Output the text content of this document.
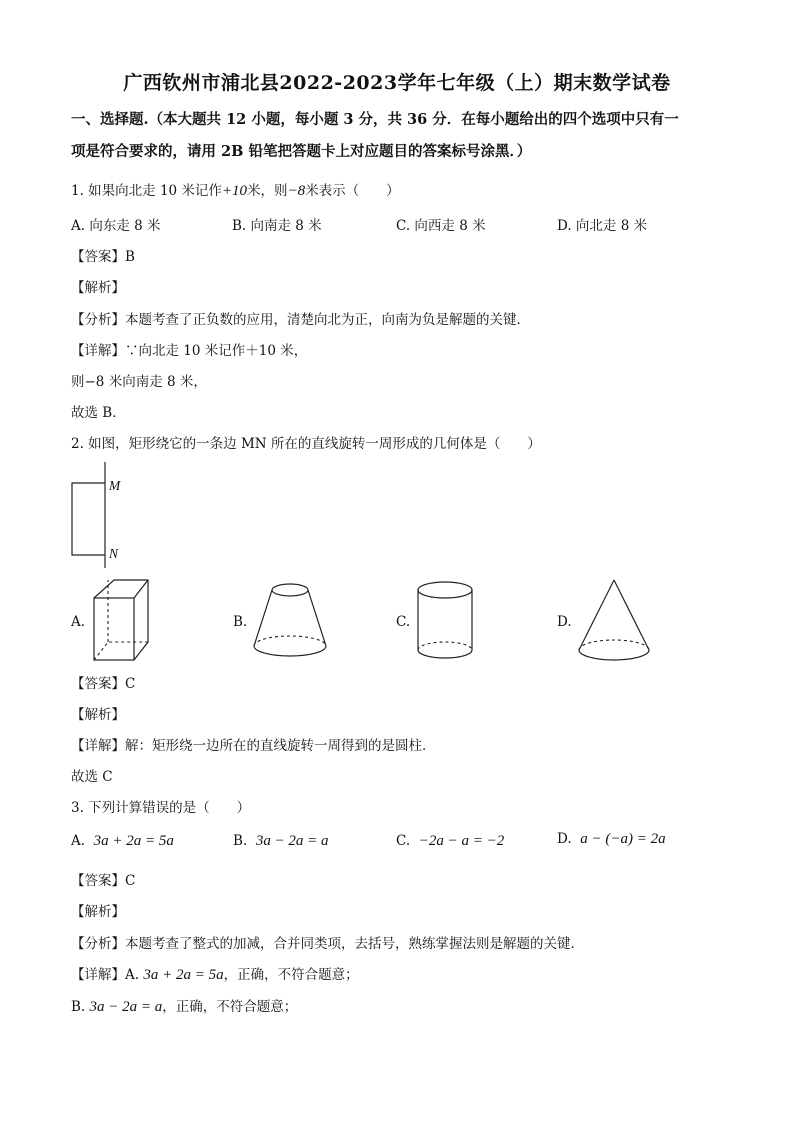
广西钦州市浦北县2022-2023学年七年级（上）期末数学试卷
一、选择题.（本大题共 12 小题，每小题 3 分，共 36 分．在每小题给出的四个选项中只有一
项是符合要求的，请用 2B 铅笔把答题卡上对应题目的答案标号涂黑．）
1. 如果向北走 10 米记作+10米，则−8米表示（　　）
A. 向东走 8 米	B. 向南走 8 米	C. 向西走 8 米	D. 向北走 8 米
【答案】B
【解析】
【分析】本题考查了正负数的应用，清楚向北为正，向南为负是解题的关键．
【详解】∵向北走 10 米记作＋10 米，
则−8 米向南走 8 米，
故选 B．
2. 如图，矩形绕它的一条边 MN 所在的直线旋转一周形成的几何体是（　　）
M
N
A.	B.	C.	D.
【答案】C
【解析】
【详解】解：矩形绕一边所在的直线旋转一周得到的是圆柱．
故选 C
3. 下列计算错误的是（　　）
A. 3a + 2a = 5a	B. 3a − 2a = a	C. −2a − a = −2	D. a − (−a) = 2a
【答案】C
【解析】
【分析】本题考查了整式的加减，合并同类项，去括号，熟练掌握法则是解题的关键．
【详解】A. 3a + 2a = 5a，正确，不符合题意；
B. 3a − 2a = a，正确，不符合题意；
